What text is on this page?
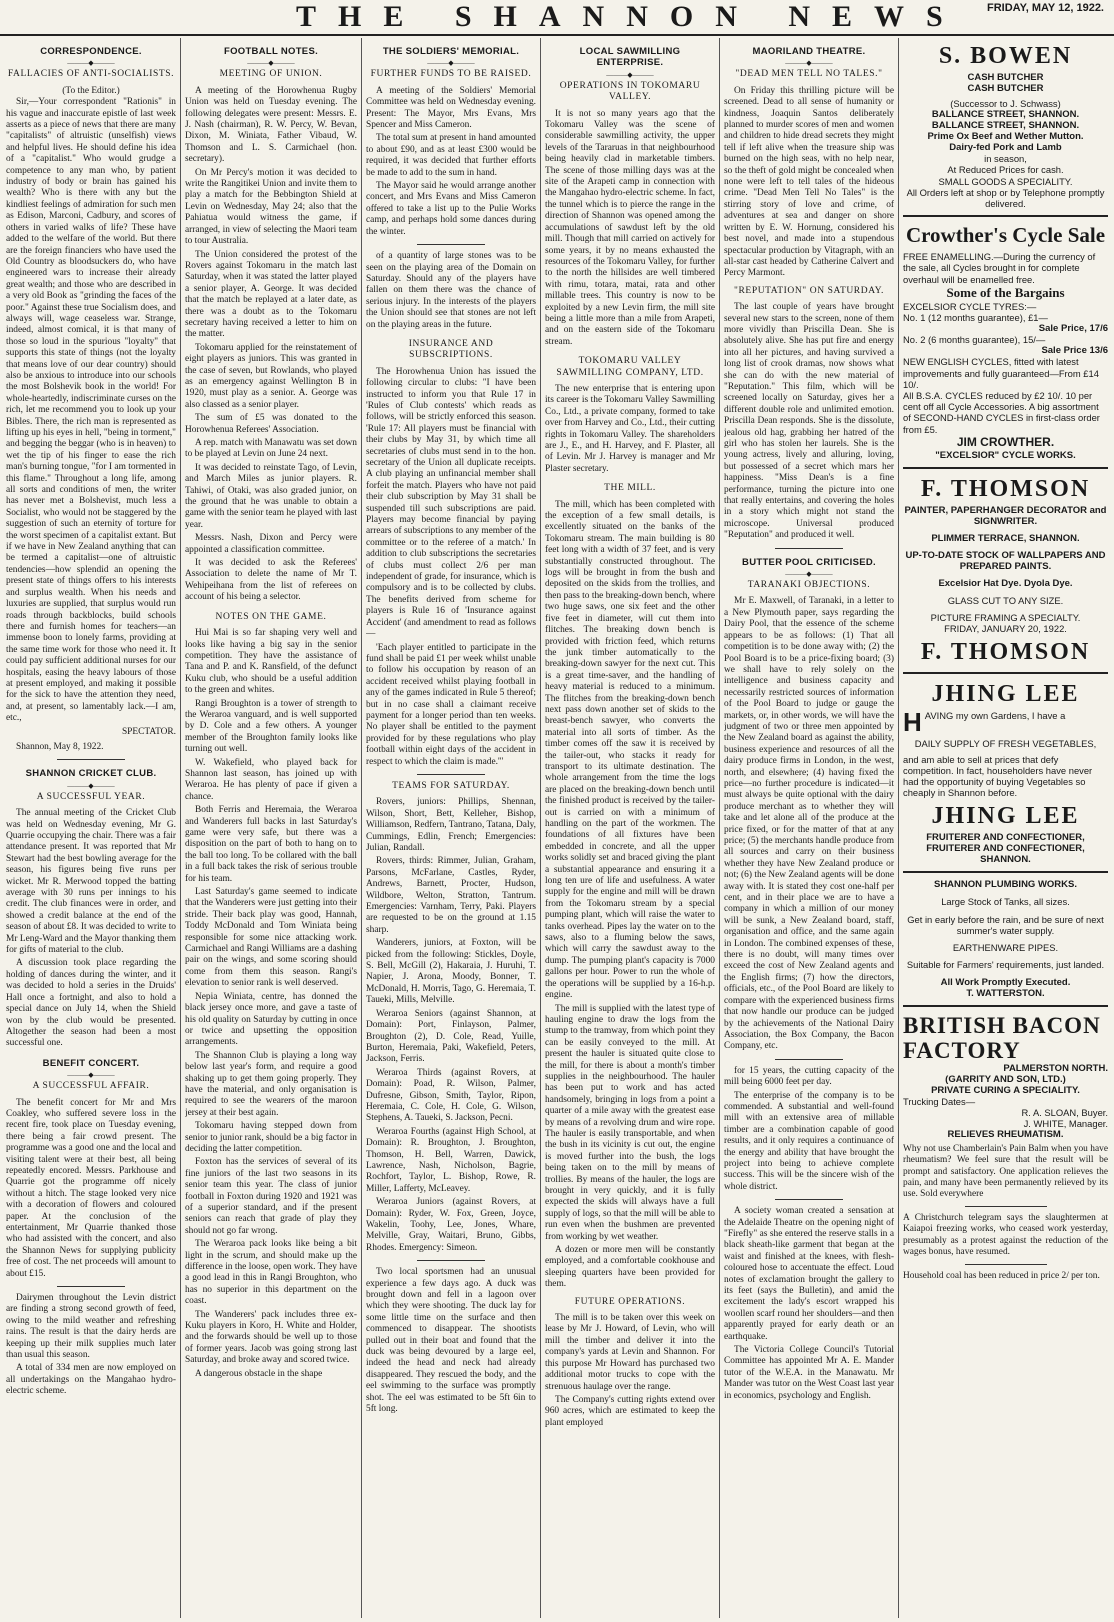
THE SHANNON NEWS FRIDAY, MAY 12, 1922.
CORRESPONDENCE.
———◆———
FALLACIES OF ANTI-SOCIALISTS.
(To the Editor.)

Sir,—Your correspondent "Rationis" in his vague and inaccurate epistle of last week asserts as a piece of news that there are many "capitalists" of altruistic (unselfish) views and helpful lives. He should define his idea of a "capitalist." Who would grudge a competence to any man who, by patient industry of body or brain has gained his wealth? Who is there with any but the kindliest feelings of admiration for such men as Edison, Marconi, Cadbury, and scores of others in varied walks of life? These have added to the welfare of the world. But there are the foreign financiers who have used the Old Country as bloodsuckers do, who have engineered wars to increase their already great wealth; and those who are described in a very old Book as "grinding the faces of the poor." Against these true Socialism does, and always will, wage ceaseless war. Strange, indeed, almost comical, it is that many of those so loud in the spurious "loyalty" that supports this state of things (not the loyalty that means love of our dear country) should also be anxious to introduce into our schools the most Bolshevik book in the world! For whole-heartedly, indiscriminate curses on the rich, let me recommend you to look up your Bibles. There, the rich man is represented as lifting up his eyes in hell, "being in torment," and begging the beggar (who is in heaven) to wet the tip of his finger to ease the rich man's burning tongue, "for I am tormented in this flame." Throughout a long life, among all sorts and conditions of men, the writer has never met a Bolshevist, much less a Socialist, who would not be staggered by the suggestion of such an eternity of torture for the worst specimen of a capitalist extant. But if we have in New Zealand anything that can be termed a capitalist—one of altruistic tendencies—how splendid an opening the present state of things offers to his interests and surplus wealth. When his needs and luxuries are supplied, that surplus would run roads through backblocks, build schools there and furnish homes for teachers—an immense boon to lonely farms, providing at the same time work for those who need it. It could pay sufficient additional nurses for our hospitals, easing the heavy labours of those at present employed, and making it possible for the sick to have the attention they need, and, at present, so lamentably lack.—I am, etc.,

SPECTATOR.

Shannon, May 8, 1922.

SHANNON CRICKET CLUB.
———◆———
A SUCCESSFUL YEAR.

The annual meeting of the Cricket Club was held on Wednesday evening, Mr G. Quarrie occupying the chair. There was a fair attendance present. It was reported that Mr Stewart had the best bowling average for the season, his figures being five runs per wicket. Mr R. Merwood topped the batting average with 30 runs per innings to his credit. The club finances were in order, and showed a credit balance at the end of the season of about £8. It was decided to write to Mr Leng-Ward and the Mayor thanking them for gifts of material to the club.

A discussion took place regarding the holding of dances during the winter, and it was decided to hold a series in the Druids' Hall once a fortnight, and also to hold a special dance on July 14, when the Shield won by the club would be presented. Altogether the season had been a most successful one.

BENEFIT CONCERT.
———◆———
A SUCCESSFUL AFFAIR.

The benefit concert for Mr and Mrs Coakley, who suffered severe loss in the recent fire, took place on Tuesday evening, there being a fair crowd present. The programme was a good one and the local and visiting talent were at their best, all being repeatedly encored. Messrs. Parkhouse and Quarrie got the programme off nicely without a hitch. The stage looked very nice with a decoration of flowers and coloured paper. At the conclusion of the entertainment, Mr Quarrie thanked those who had assisted with the concert, and also the Shannon News for supplying publicity free of cost. The net proceeds will amount to about £15.

Dairymen throughout the Levin district are finding a strong second growth of feed, owing to the mild weather and refreshing rains. The result is that the dairy herds are keeping up their milk supplies much later than usual this season.

A total of 334 men are now employed on all undertakings on the Mangahao hydro-electric scheme.

FOOTBALL NOTES.
———◆———
MEETING OF UNION.

A meeting of the Horowhenua Rugby Union was held on Tuesday evening. The following delegates were present: Messrs. E. J. Nash (chairman), R. W. Percy, W. Bevan, Dixon, M. Winiata, Father Vibaud, W. Thomson and L. S. Carmichael (hon. secretary).

On Mr Percy's motion it was decided to write the Rangitikei Union and invite them to play a match for the Bebbington Shield at Levin on Wednesday, May 24; also that the Pahiatua would witness the game, if arranged, in view of selecting the Maori team to tour Australia.

The Union considered the protest of the Rovers against Tokomaru in the match last Saturday, when it was stated the latter played a senior player, A. George. It was decided that the match be replayed at a later date, as there was a doubt as to the Tokomaru secretary having received a letter to him on the matter.

Tokomaru applied for the reinstatement of eight players as juniors. This was granted in the case of seven, but Rowlands, who played as an emergency against Wellington B in 1920, must play as a senior. A. George was also classed as a senior player.

The sum of £5 was donated to the Horowhenua Referees' Association.

A rep. match with Manawatu was set down to be played at Levin on June 24 next.

It was decided to reinstate Tago, of Levin, and March Miles as junior players. R. Tahiwi, of Otaki, was also graded junior, on the ground that he was unable to obtain a game with the senior team he played with last year.

Messrs. Nash, Dixon and Percy were appointed a classification committee.

It was decided to ask the Referees' Association to delete the name of Mr T. Wehipeihana from the list of referees on account of his being a selector.

NOTES ON THE GAME.

Hui Mai is so far shaping very well and looks like having a big say in the senior competition. They have the assistance of Tana and P. and K. Ransfield, of the defunct Kuku club, who should be a useful addition to the green and whites.

Rangi Broughton is a tower of strength to the Weraroa vanguard, and is well supported by D. Cole and a few others. A younger member of the Broughton family looks like turning out well.

W. Wakefield, who played back for Shannon last season, has joined up with Weraroa. He has plenty of pace if given a chance.

Both Ferris and Heremaia, the Weraroa and Wanderers full backs in last Saturday's game were very safe, but there was a disposition on the part of both to hang on to the ball too long. To be collared with the ball in a full back takes the risk of serious trouble for his team.

Last Saturday's game seemed to indicate that the Wanderers were just getting into their stride. Their back play was good, Hannah, Toddy McDonald and Tom Winiata being responsible for some nice attacking work. Carmichael and Rangi Williams are a dashing pair on the wings, and some scoring should come from them this season. Rangi's elevation to senior rank is well deserved.

Nepia Winiata, centre, has donned the black jersey once more, and gave a taste of his old quality on Saturday by cutting in once or twice and upsetting the opposition arrangements.

The Shannon Club is playing a long way below last year's form, and require a good shaking up to get them going properly. They have the material, and only organisation is required to see the wearers of the maroon jersey at their best again.

Tokomaru having stepped down from senior to junior rank, should be a big factor in deciding the latter competition.

Foxton has the services of several of its fine juniors of the last two seasons in its senior team this year. The class of junior football in Foxton during 1920 and 1921 was of a superior standard, and if the present seniors can reach that grade of play they should not go far wrong.

The Weraroa pack looks like being a bit light in the scrum, and should make up the difference in the loose, open work. They have a good lead in this in Rangi Broughton, who has no superior in this department on the coast.

The Wanderers' pack includes three ex-Kuku players in Koro, H. White and Holder, and the forwards should be well up to those of former years. Jacob was going strong last Saturday, and broke away and scored twice.

A dangerous obstacle in the shape

THE SOLDIERS' MEMORIAL.
———◆———
FURTHER FUNDS TO BE RAISED.

A meeting of the Soldiers' Memorial Committee was held on Wednesday evening. Present: The Mayor, Mrs Evans, Mrs Spencer and Miss Cameron.

The total sum at present in hand amounted to about £90, and as at least £300 would be required, it was decided that further efforts be made to add to the sum in hand.

The Mayor said he would arrange another concert, and Mrs Evans and Miss Cameron offered to take a list up to the Pulie Works camp, and perhaps hold some dances during the winter.

of a quantity of large stones was to be seen on the playing area of the Domain on Saturday. Should any of the players have fallen on them there was the chance of serious injury. In the interests of the players the Union should see that stones are not left on the playing areas in the future.

INSURANCE AND SUBSCRIPTIONS.

The Horowhenua Union has issued the following circular to clubs: "I have been instructed to inform you that Rule 17 in 'Rules of Club contests' which reads as follows, will be strictly enforced this season. 'Rule 17: All players must be financial with their clubs by May 31, by which time all secretaries of clubs must send in to the hon. secretary of the Union all duplicate receipts. A club playing an unfinancial member shall forfeit the match. Players who have not paid their club subscription by May 31 shall be suspended till such subscriptions are paid. Players may become financial by paying arrears of subscriptions to any member of the committee or to the referee of a match.' In addition to club subscriptions the secretaries of clubs must collect 2/6 per man independent of grade, for insurance, which is compulsory and is to be collected by clubs. The benefits derived from scheme for players is Rule 16 of 'Insurance against Accident' (and amendment to read as follows—

'Each player entitled to participate in the fund shall be paid £1 per week whilst unable to follow his occupation by reason of an accident received whilst playing football in any of the games indicated in Rule 5 thereof; but in no case shall a claimant receive payment for a longer period than ten weeks. No player shall be entitled to the payment provided for by these regulations who play football within eight days of the accident in respect to which the claim is made.'"

TEAMS FOR SATURDAY.

Rovers, juniors: Phillips, Shennan, Wilson, Short, Bett, Kelleher, Bishop, Williamson, Redfern, Tantrano, Tatana, Daly, Cummings, Edlin, French; Emergencies: Julian, Randall.

Rovers, thirds: Rimmer, Julian, Graham, Parsons, McFarlane, Castles, Ryder, Andrews, Barnett, Procter, Hudson, Wildbore, Welton, Stratton, Tantrum. Emergencies: Varnham, Terry, Paki. Players are requested to be on the ground at 1.15 sharp.

Wanderers, juniors, at Foxton, will be picked from the following: Stickles, Doyle, S. Bell, McGill (2), Hakaraia, J. Huruhi, T. Napier, J. Arona, Moody, Bonner, T. McDonald, H. Morris, Tago, G. Heremaia, T. Taueki, Mills, Melville.

Weraroa Seniors (against Shannon, at Domain): Port, Finlayson, Palmer, Broughton (2), D. Cole, Read, Yuille, Burton, Heremaia, Paki, Wakefield, Peters, Jackson, Ferris.

Weraroa Thirds (against Rovers, at Domain): Poad, R. Wilson, Palmer, Dufresne, Gibson, Smith, Taylor, Ripon, Heremaia, C. Cole, H. Cole, G. Wilson, Stephens, A. Taueki, S. Jackson, Pecni.

Weraroa Fourths (against High School, at Domain): R. Broughton, J. Broughton, Thomson, H. Bell, Warren, Dawick, Lawrence, Nash, Nicholson, Bagrie, Rochfort, Taylor, L. Bishop, Rowe, R. Miller, Lafferty, McLeavey.

Weraroa Juniors (against Rovers, at Domain): Ryder, W. Fox, Green, Joyce, Wakelin, Toohy, Lee, Jones, Whare, Melville, Gray, Waitari, Bruno, Gibbs, Rhodes. Emergency: Simeon.

Two local sportsmen had an unusual experience a few days ago. A duck was brought down and fell in a lagoon over which they were shooting. The duck lay for some little time on the surface and then commenced to disappear. The shootists pulled out in their boat and found that the duck was being devoured by a large eel, indeed the head and neck had already disappeared. They rescued the body, and the eel swimming to the surface was promptly shot. The eel was estimated to be 5ft 6in to 5ft long.

LOCAL SAWMILLING ENTERPRISE.
———◆———
OPERATIONS IN TOKOMARU VALLEY.

It is not so many years ago that the Tokomaru Valley was the scene of considerable sawmilling activity, the upper levels of the Tararuas in that neighbourhood being heavily clad in marketable timbers. The scene of those milling days was at the site of the Arapeti camp in connection with the Mangahao hydro-electric scheme. In fact, the tunnel which is to pierce the range in the direction of Shannon was opened among the accumulations of sawdust left by the old mill. Though that mill carried on actively for some years, it by no means exhausted the resources of the Tokomaru Valley, for further to the north the hillsides are well timbered with rimu, totara, matai, rata and other millable trees. This country is now to be exploited by a new Levin firm, the mill site being a little more than a mile from Arapeti, and on the eastern side of the Tokomaru stream.

TOKOMARU VALLEY SAWMILLING COMPANY, LTD.

The new enterprise that is entering upon its career is the Tokomaru Valley Sawmilling Co., Ltd., a private company, formed to take over from Harvey and Co., Ltd., their cutting rights in Tokomaru Valley. The shareholders are J., E., and H. Harvey, and F. Plaster, all of Levin. Mr J. Harvey is manager and Mr Plaster secretary.

THE MILL.

The mill, which has been completed with the exception of a few small details, is excellently situated on the banks of the Tokomaru stream. The main building is 80 feet long with a width of 37 feet, and is very substantially constructed throughout. The logs will be brought in from the bush and deposited on the skids from the trollies, and then pass to the breaking-down bench, where two huge saws, one six feet and the other five feet in diameter, will cut them into flitches. The breaking down bench is provided with friction feed, which returns the junk timber automatically to the breaking-down sawyer for the next cut. This is a great time-saver, and the handling of heavy material is reduced to a minimum. The flitches from the breaking-down bench next pass down another set of skids to the breast-bench sawyer, who converts the material into all sorts of timber. As the timber comes off the saw it is received by the tailer-out, who stacks it ready for transport to its ultimate destination. The whole arrangement from the time the logs are placed on the breaking-down bench until the finished product is received by the tailer-out is carried on with a minimum of handling on the part of the workmen. The foundations of all fixtures have been embedded in concrete, and all the upper works solidly set and braced giving the plant a substantial appearance and ensuring it a long ten ure of life and usefulness. A water supply for the engine and mill will be drawn from the Tokomaru stream by a special pumping plant, which will raise the water to tanks overhead. Pipes lay the water on to the saws, also to a fluming below the saws, which will carry the sawdust away to the dump. The pumping plant's capacity is 7000 gallons per hour. Power to run the whole of the operations will be supplied by a 16-h.p. engine.

The mill is supplied with the latest type of hauling engine to draw the logs from the stump to the tramway, from which point they can be easily conveyed to the mill. At present the hauler is situated quite close to the mill, for there is about a month's timber supplies in the neighbourhood. The hauler has been put to work and has acted handsomely, bringing in logs from a point a quarter of a mile away with the greatest ease by means of a revolving drum and wire rope. The hauler is easily transportable, and when the bush in its vicinity is cut out, the engine is moved further into the bush, the logs being taken on to the mill by means of trollies. By means of the hauler, the logs are brought in very quickly, and it is fully expected the skids will always have a full supply of logs, so that the mill will be able to run even when the bushmen are prevented from working by wet weather.

A dozen or more men will be constantly employed, and a comfortable cookhouse and sleeping quarters have been provided for them.

FUTURE OPERATIONS.

The mill is to be taken over this week on lease by Mr J. Howard, of Levin, who will mill the timber and deliver it into the company's yards at Levin and Shannon. For this purpose Mr Howard has purchased two additional motor trucks to cope with the strenuous haulage over the range.

The Company's cutting rights extend over 960 acres, which are estimated to keep the plant employed

MAORILAND THEATRE.
———◆———
"DEAD MEN TELL NO TALES."

On Friday this thrilling picture will be screened. Dead to all sense of humanity or kindness, Joaquin Santos deliberately planned to murder scores of men and women and children to hide dread secrets they might tell if left alive when the treasure ship was burned on the high seas, with no help near, so the theft of gold might be concealed when none were left to tell tales of the hideous crime. "Dead Men Tell No Tales" is the stirring story of love and crime, of adventures at sea and danger on shore written by E. W. Hornung, considered his best novel, and made into a stupendous spectacular production by Vitagraph, with an all-star cast headed by Catherine Calvert and Percy Marmont.

"REPUTATION" ON SATURDAY.

The last couple of years have brought several new stars to the screen, none of them more vividly than Priscilla Dean. She is absolutely alive. She has put fire and energy into all her pictures, and having survived a long list of crook dramas, now shows what she can do with the new material of "Reputation." This film, which will be screened locally on Saturday, gives her a different double role and unlimited emotion. Priscilla Dean responds. She is the dissolute, jealous old hag, grabbing her hatred of the girl who has stolen her laurels. She is the young actress, lively and alluring, loving, but possessed of a secret which mars her happiness. "Miss Dean's is a fine performance, turning the picture into one that really entertains, and covering the holes in a story which might not stand the microscope. Universal produced "Reputation" and produced it well.

BUTTER POOL CRITICISED.
———◆———
TARANAKI OBJECTIONS.

Mr E. Maxwell, of Taranaki, in a letter to a New Plymouth paper, says regarding the Dairy Pool, that the essence of the scheme appears to be as follows: (1) That all competition is to be done away with; (2) the Pool Board is to be a price-fixing board; (3) we shall have to rely solely on the intelligence and business capacity and necessarily restricted sources of information of the Pool Board to judge or gauge the markets, or, in other words, we will have the judgment of two or three men appointed by the New Zealand board as against the ability, business experience and resources of all the dairy produce firms in London, in the west, north, and elsewhere; (4) having fixed the price—no further procedure is indicated—it must always be quite optional with the dairy produce merchant as to whether they will take and let alone all of the produce at the price fixed, or for the matter of that at any price; (5) the merchants handle produce from all sources and carry on their business whether they have New Zealand produce or not; (6) the New Zealand agents will be done away with. It is stated they cost one-half per cent, and in their place we are to have a company in which a million of our money will be sunk, a New Zealand board, staff, organisation and office, and the same again in London. The combined expenses of these, there is no doubt, will many times over exceed the cost of New Zealand agents and the English firms; (7) how the directors, officials, etc., of the Pool Board are likely to compare with the experienced business firms that now handle our produce can be judged by the achievements of the National Dairy Association, the Box Company, the Bacon Company, etc.

for 15 years, the cutting capacity of the mill being 6000 feet per day.

The enterprise of the company is to be commended. A substantial and well-found mill with an extensive area of millable timber are a combination capable of good results, and it only requires a continuance of the energy and ability that have brought the project into being to achieve complete success. This will be the sincere wish of the whole district.

A society woman created a sensation at the Adelaide Theatre on the opening night of "Firefly" as she entered the reserve stalls in a black sheath-like garment that began at the waist and finished at the knees, with flesh-coloured hose to accentuate the effect. Loud notes of exclamation brought the gallery to its feet (says the Bulletin), and amid the excitement the lady's escort wrapped his woollen scarf round her shoulders—and then apparently prayed for early death or an earthquake.

The Victoria College Council's Tutorial Committee has appointed Mr A. E. Mander tutor of the W.E.A. in the Manawatu. Mr Mander was tutor on the West Coast last year in economics, psychology and English.

S. BOWEN
CASH BUTCHER
CASH BUTCHER
(Successor to J. Schwass)
BALLANCE STREET, SHANNON.
BALLANCE STREET, SHANNON.
Prime Ox Beef and Wether Mutton.
Dairy-fed Pork and Lamb
in season,
At Reduced Prices for cash.
SMALL GOODS A SPECIALITY.
All Orders left at shop or by Telephone promptly delivered.
Crowther's Cycle Sale
FREE ENAMELLING.—During the currency of the sale, all Cycles brought in for complete overhaul will be enamelled free.
Some of the Bargains
EXCELSIOR CYCLE TYRES:—
No. 1 (12 months guarantee), £1—
Sale Price, 17/6
No. 2 (6 months guarantee), 15/—
Sale Price 13/6
NEW ENGLISH CYCLES, fitted with latest improvements and fully guaranteed—From £14 10/.
All B.S.A. CYCLES reduced by £2 10/. 10 per cent off all Cycle Accessories. A big assortment of SECOND-HAND CYCLES in first-class order from £5.
JIM CROWTHER.
"EXCELSIOR" CYCLE WORKS.
F. THOMSON
PAINTER, PAPERHANGER DECORATOR and SIGNWRITER.
PLIMMER TERRACE, SHANNON.
UP-TO-DATE STOCK OF WALLPAPERS AND PREPARED PAINTS.
Excelsior Hat Dye. Dyola Dye.
GLASS CUT TO ANY SIZE.
PICTURE FRAMING A SPECIALTY.
FRIDAY, JANUARY 20, 1922.
F. THOMSON
JHING LEE
HAVING my own Gardens, I have a
DAILY SUPPLY OF FRESH VEGETABLES,
and am able to sell at prices that defy competition. In fact, householders have never had the opportunity of buying Vegetables so cheaply in Shannon before.
JHING LEE
FRUITERER AND CONFECTIONER,
FRUITERER AND CONFECTIONER,
SHANNON.
SHANNON PLUMBING WORKS.
Large Stock of Tanks, all sizes.
Get in early before the rain, and be sure of next summer's water supply.
EARTHENWARE PIPES.
Suitable for Farmers' requirements, just landed.
All Work Promptly Executed.
T. WATTERSTON.
BRITISH BACON FACTORY
PALMERSTON NORTH.
(GARRITY AND SON, LTD.)
PRIVATE CURING A SPECIALITY.
Trucking Dates—
R. A. SLOAN, Buyer.
J. WHITE, Manager.
RELIEVES RHEUMATISM.
Why not use Chamberlain's Pain Balm when you have rheumatism? We feel sure that the result will be prompt and satisfactory. One application relieves the pain, and many have been permanently relieved by its use. Sold everywhere
A Christchurch telegram says the slaughtermen at Kaiapoi freezing works, who ceased work yesterday, presumably as a protest against the reduction of the wages bonus, have resumed.
Household coal has been reduced in price 2/ per ton.
